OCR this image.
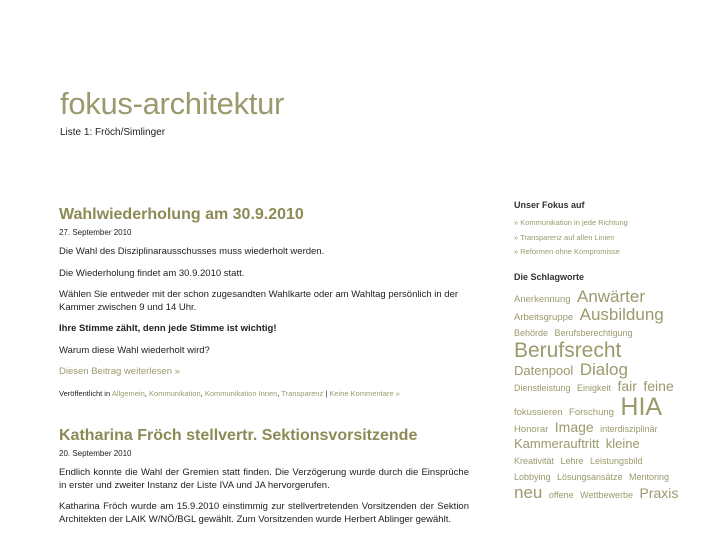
fokus-architektur
Liste 1: Fröch/Simlinger
Wahlwiederholung am 30.9.2010
27. September 2010

Die Wahl des Disziplinarausschusses muss wiederholt werden.

Die Wiederholung findet am 30.9.2010 statt.

Wählen Sie entweder mit der schon zugesandten Wahlkarte oder am Wahltag persönlich in der Kammer zwischen 9 und 14 Uhr.

Ihre Stimme zählt, denn jede Stimme ist wichtig!

Warum diese Wahl wiederholt wird?

Diesen Beitrag weiterlesen »
Veröffentlicht in Allgemein, Kommunikation, Kommunikation Innen, Transparenz | Keine Kommentare »
Katharina Fröch stellvertr. Sektionsvorsitzende
20. September 2010

Endlich konnte die Wahl der Gremien statt finden. Die Verzögerung wurde durch die Einsprüche in erster und zweiter Instanz der Liste IVA und JA hervorgerufen.

Katharina Fröch wurde am 15.9.2010 einstimmig zur stellvertretenden Vorsitzenden der Sektion Architekten der LAIK W/NÖ/BGL gewählt. Zum Vorsitzenden wurde Herbert Ablinger gewählt.

Unser Fokus auf
» Kommunikation in jede Richtung
» Transparenz auf allen Linien
» Reformen ohne Kompromisse
Die Schlagworte
Anerkennung Anwärter Arbeitsgruppe Ausbildung Behörde Berufsberechtigung Berufsrecht Datenpool Dialog Dienstleistung Einigkeit fair feine fokussieren Forschung HIA Honorar Image interdisziplinär Kammerauftritt kleine Kreativität Lehre Leistungsbild Lobbying Lösungsansätze Mentoring neu offene Wettbewerbe Praxis
